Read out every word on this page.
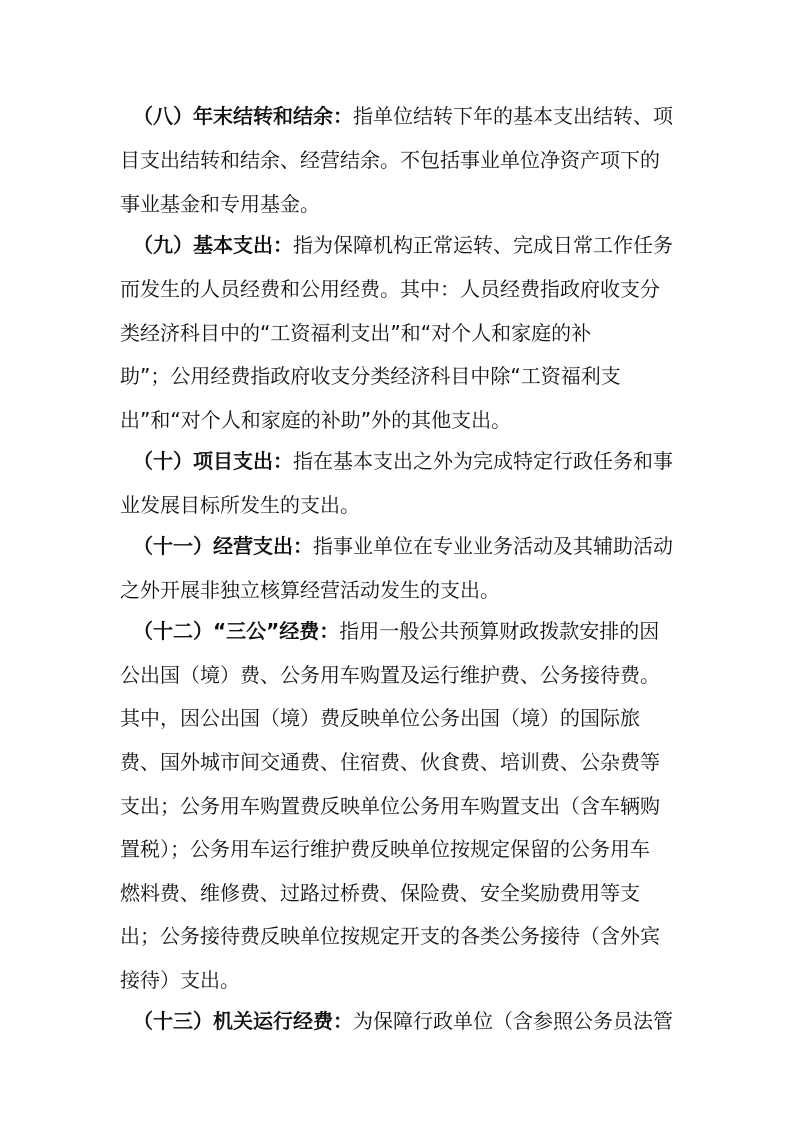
（八）年末结转和结余：指单位结转下年的基本支出结转、项
目支出结转和结余、经营结余。不包括事业单位净资产项下的
事业基金和专用基金。
（九）基本支出：指为保障机构正常运转、完成日常工作任务
而发生的人员经费和公用经费。其中：人员经费指政府收支分
类经济科目中的“工资福利支出”和“对个人和家庭的补
助”；公用经费指政府收支分类经济科目中除“工资福利支
出”和“对个人和家庭的补助”外的其他支出。
（十）项目支出：指在基本支出之外为完成特定行政任务和事
业发展目标所发生的支出。
（十一）经营支出：指事业单位在专业业务活动及其辅助活动
之外开展非独立核算经营活动发生的支出。
（十二）“三公”经费：指用一般公共预算财政拨款安排的因
公出国（境）费、公务用车购置及运行维护费、公务接待费。
其中，因公出国（境）费反映单位公务出国（境）的国际旅
费、国外城市间交通费、住宿费、伙食费、培训费、公杂费等
支出；公务用车购置费反映单位公务用车购置支出（含车辆购
置税）；公务用车运行维护费反映单位按规定保留的公务用车
燃料费、维修费、过路过桥费、保险费、安全奖励费用等支
出；公务接待费反映单位按规定开支的各类公务接待（含外宾
接待）支出。
（十三）机关运行经费：为保障行政单位（含参照公务员法管
